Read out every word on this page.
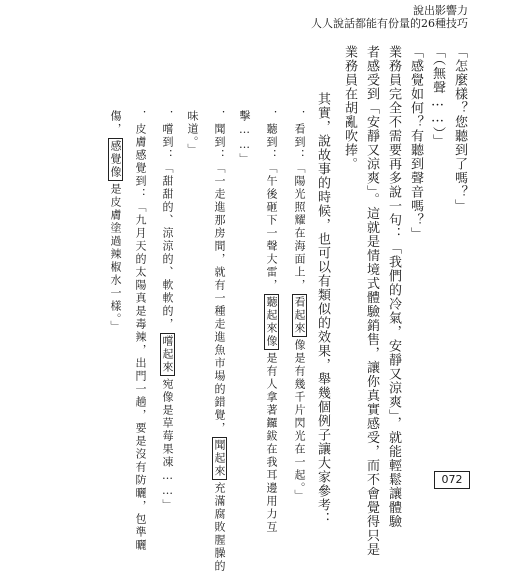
說出影響力
人人說話都能有份量的26種技巧
「怎麼樣？您聽到了嗎？」
「（無聲……）」
「感覺如何？有聽到聲音嗎？」
業務員完全不需要再多說一句：「我們的冷氣，安靜又涼爽」，就能輕鬆讓體驗
者感受到「安靜又涼爽」。這就是情境式體驗銷售，讓你真實感受，而不會覺得只是
業務員在胡亂吹捧。
其實，說故事的時候，也可以有類似的效果，舉幾個例子讓大家參考：
．看到：「陽光照耀在海面上，看起來像是有幾千片閃光在一起。」
．聽到：「午後砸下一聲大雷，聽起來像是有人拿著鑼鈸在我耳邊用力互
擊……」
．聞到：「一走進那房間，就有一種走進魚市場的錯覺，聞起來充滿腐敗腥臊的
味道。」
．嚐到：「甜甜的、涼涼的、軟軟的，嚐起來宛像是草莓果凍……」
．皮膚感覺到：「九月天的太陽真是毒辣，出門一趟，要是沒有防曬，包準曬
傷，感覺像是皮膚塗過辣椒水一樣。」
072
